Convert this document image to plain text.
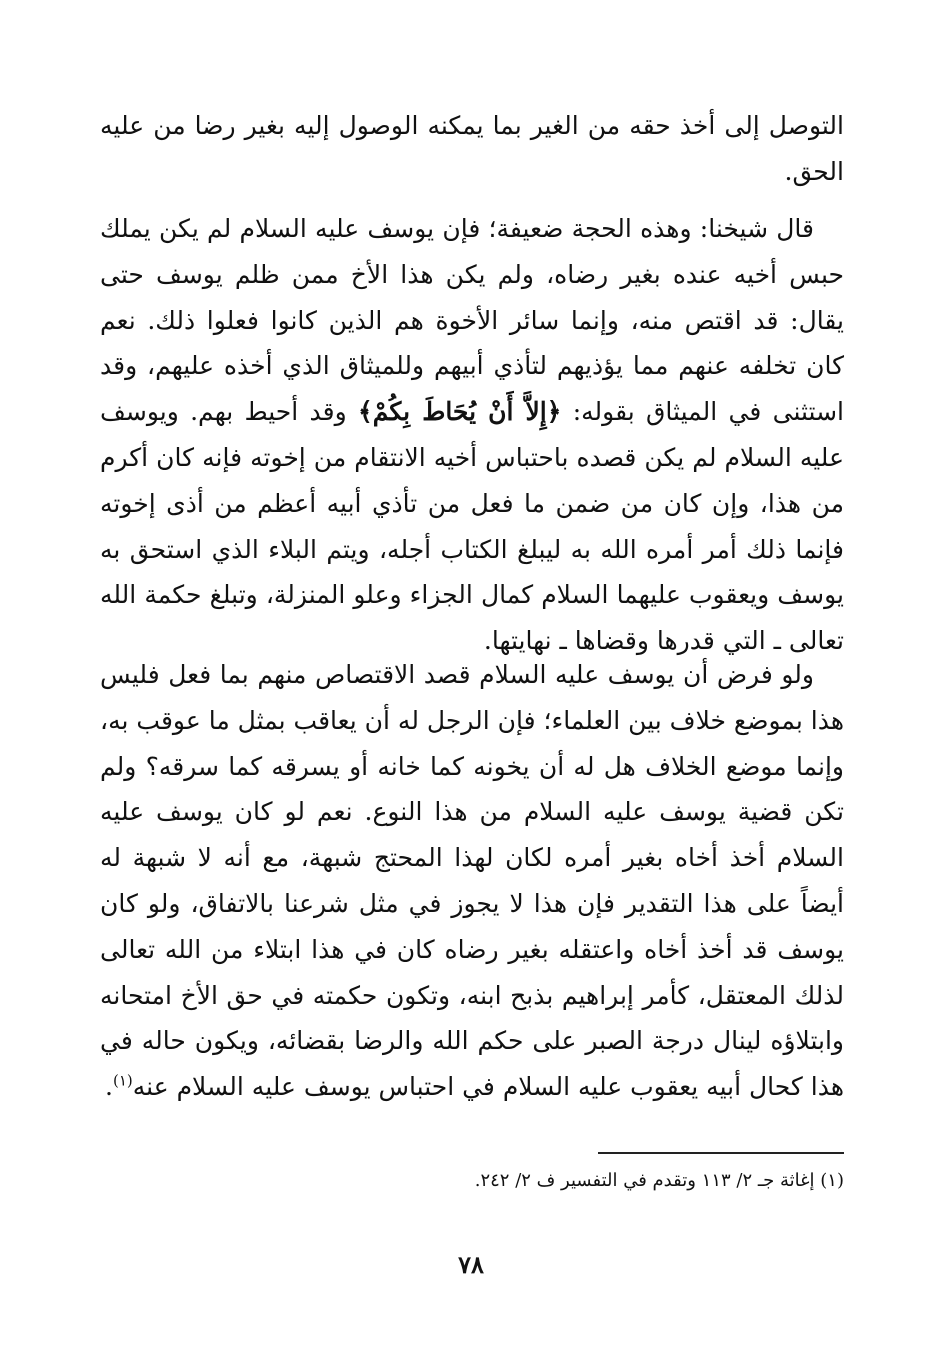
التوصل إلى أخذ حقه من الغير بما يمكنه الوصول إليه بغير رضا من عليه الحق.

قال شيخنا: وهذه الحجة ضعيفة؛ فإن يوسف عليه السلام لم يكن يملك حبس أخيه عنده بغير رضاه، ولم يكن هذا الأخ ممن ظلم يوسف حتى يقال: قد اقتص منه، وإنما سائر الأخوة هم الذين كانوا فعلوا ذلك. نعم كان تخلفه عنهم مما يؤذيهم لتأذي أبيهم وللميثاق الذي أخذه عليهم، وقد استثنى في الميثاق بقوله: ﴿إِلاَّ أَنْ يُحَاطَ بِكُمْ﴾ وقد أحيط بهم. ويوسف عليه السلام لم يكن قصده باحتباس أخيه الانتقام من إخوته فإنه كان أكرم من هذا، وإن كان من ضمن ما فعل من تأذي أبيه أعظم من أذى إخوته فإنما ذلك أمر أمره الله به ليبلغ الكتاب أجله، ويتم البلاء الذي استحق به يوسف ويعقوب عليهما السلام كمال الجزاء وعلو المنزلة، وتبلغ حكمة الله تعالى ـ التي قدرها وقضاها ـ نهايتها.

ولو فرض أن يوسف عليه السلام قصد الاقتصاص منهم بما فعل فليس هذا بموضع خلاف بين العلماء؛ فإن الرجل له أن يعاقب بمثل ما عوقب به، وإنما موضع الخلاف هل له أن يخونه كما خانه أو يسرقه كما سرقه؟ ولم تكن قضية يوسف عليه السلام من هذا النوع. نعم لو كان يوسف عليه السلام أخذ أخاه بغير أمره لكان لهذا المحتج شبهة، مع أنه لا شبهة له أيضاً على هذا التقدير فإن هذا لا يجوز في مثل شرعنا بالاتفاق، ولو كان يوسف قد أخذ أخاه واعتقله بغير رضاه كان في هذا ابتلاء من الله تعالى لذلك المعتقل، كأمر إبراهيم بذبح ابنه، وتكون حكمته في حق الأخ امتحانه وابتلاؤه لينال درجة الصبر على حكم الله والرضا بقضائه، ويكون حاله في هذا كحال أبيه يعقوب عليه السلام في احتباس يوسف عليه السلام عنه$^{(١)}$.

(١) إغاثة جـ ٢/ ١١٣ وتقدم في التفسير ف ٢/ ٢٤٢.

٧٨
